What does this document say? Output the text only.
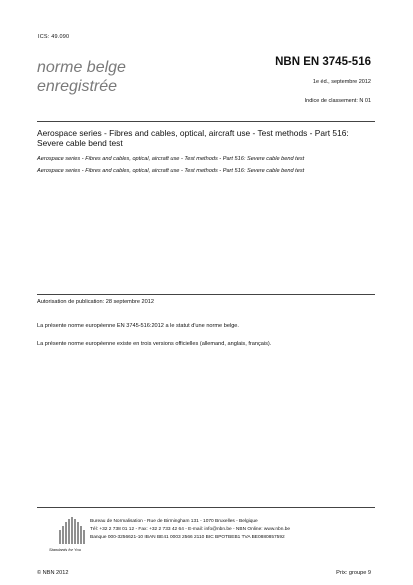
ICS: 49.090
norme belge
enregistrée
NBN EN 3745-516
1e éd., septembre 2012
Indice de classement: N 01
Aerospace series - Fibres and cables, optical, aircraft use - Test methods - Part 516: Severe cable bend test
Aerospace series - Fibres and cables, optical, aircraft use - Test methods - Part 516: Severe cable bend test
Aerospace series - Fibres and cables, optical, aircraft use - Test methods - Part 516: Severe cable bend test
Autorisation de publication: 28 septembre 2012
La présente norme européenne EN 3745-516:2012 a le statut d'une norme belge.
La présente norme européenne existe en trois versions officielles (allemand, anglais, français).
Standards for You
Bureau de Normalisation - Rue de Birmingham 131 - 1070 Bruxelles - Belgique
Tél: +32 2 738 01 12 - Fax: +32 2 733 42 64 - E-mail: info@nbn.be - NBN Online: www.nbn.be
Banque 000-3256621-10 IBAN BE41 0003 2566 2110 BIC BPOTBEB1 TVA BE0880857592
© NBN 2012	Prix: groupe 9
